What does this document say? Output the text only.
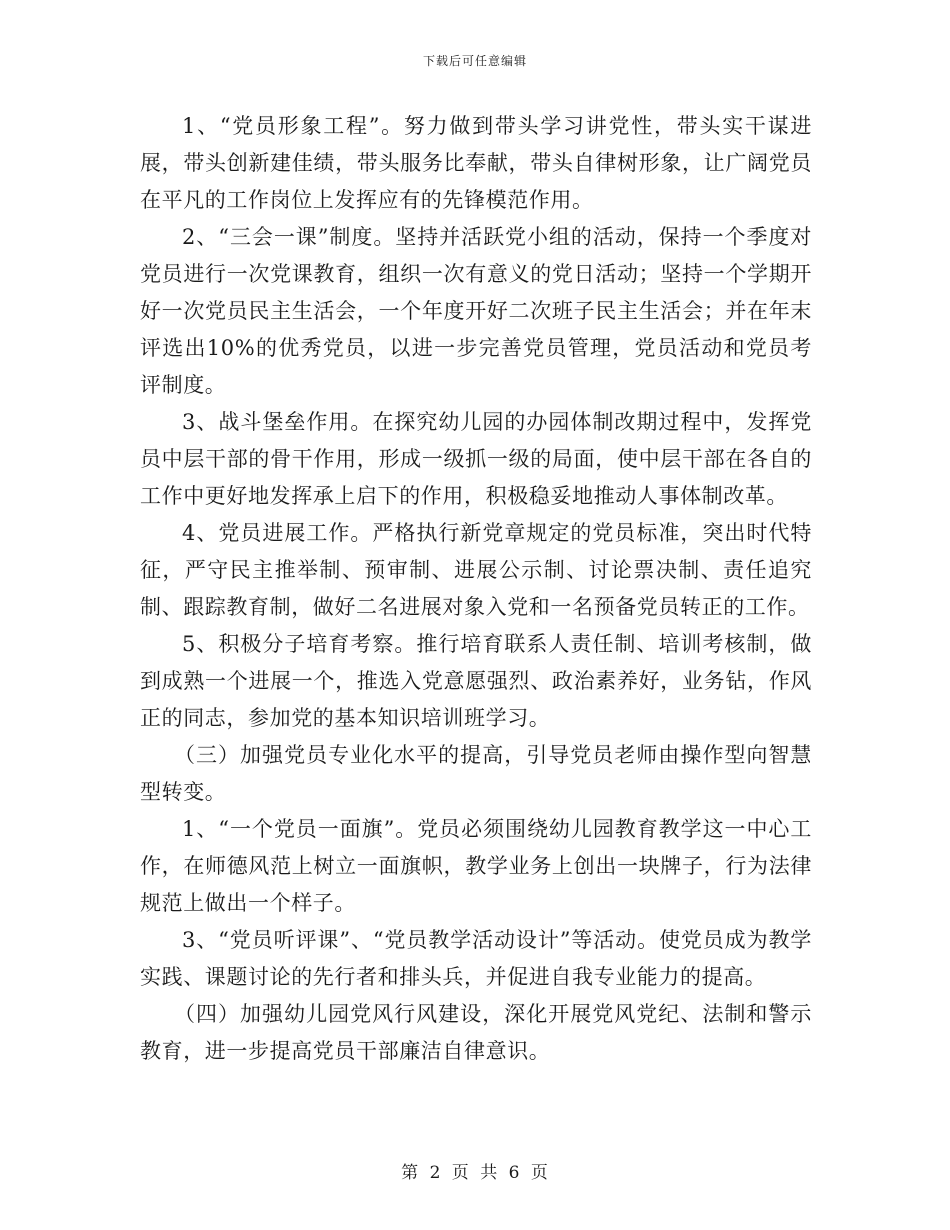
下载后可任意编辑

1、“党员形象工程”。努力做到带头学习讲党性，带头实干谋进展，带头创新建佳绩，带头服务比奉献，带头自律树形象，让广阔党员在平凡的工作岗位上发挥应有的先锋模范作用。

2、“三会一课”制度。坚持并活跃党小组的活动，保持一个季度对党员进行一次党课教育，组织一次有意义的党日活动；坚持一个学期开好一次党员民主生活会，一个年度开好二次班子民主生活会；并在年末评选出10%的优秀党员，以进一步完善党员管理，党员活动和党员考评制度。

3、战斗堡垒作用。在探究幼儿园的办园体制改期过程中，发挥党员中层干部的骨干作用，形成一级抓一级的局面，使中层干部在各自的工作中更好地发挥承上启下的作用，积极稳妥地推动人事体制改革。

4、党员进展工作。严格执行新党章规定的党员标准，突出时代特征，严守民主推举制、预审制、进展公示制、讨论票决制、责任追究制、跟踪教育制，做好二名进展对象入党和一名预备党员转正的工作。

5、积极分子培育考察。推行培育联系人责任制、培训考核制，做到成熟一个进展一个，推选入党意愿强烈、政治素养好，业务钻，作风正的同志，参加党的基本知识培训班学习。

（三）加强党员专业化水平的提高，引导党员老师由操作型向智慧型转变。

1、“一个党员一面旗”。党员必须围绕幼儿园教育教学这一中心工作，在师德风范上树立一面旗帜，教学业务上创出一块牌子，行为法律规范上做出一个样子。

3、“党员听评课”、“党员教学活动设计”等活动。使党员成为教学实践、课题讨论的先行者和排头兵，并促进自我专业能力的提高。

（四）加强幼儿园党风行风建设，深化开展党风党纪、法制和警示教育，进一步提高党员干部廉洁自律意识。

第 2 页 共 6 页
